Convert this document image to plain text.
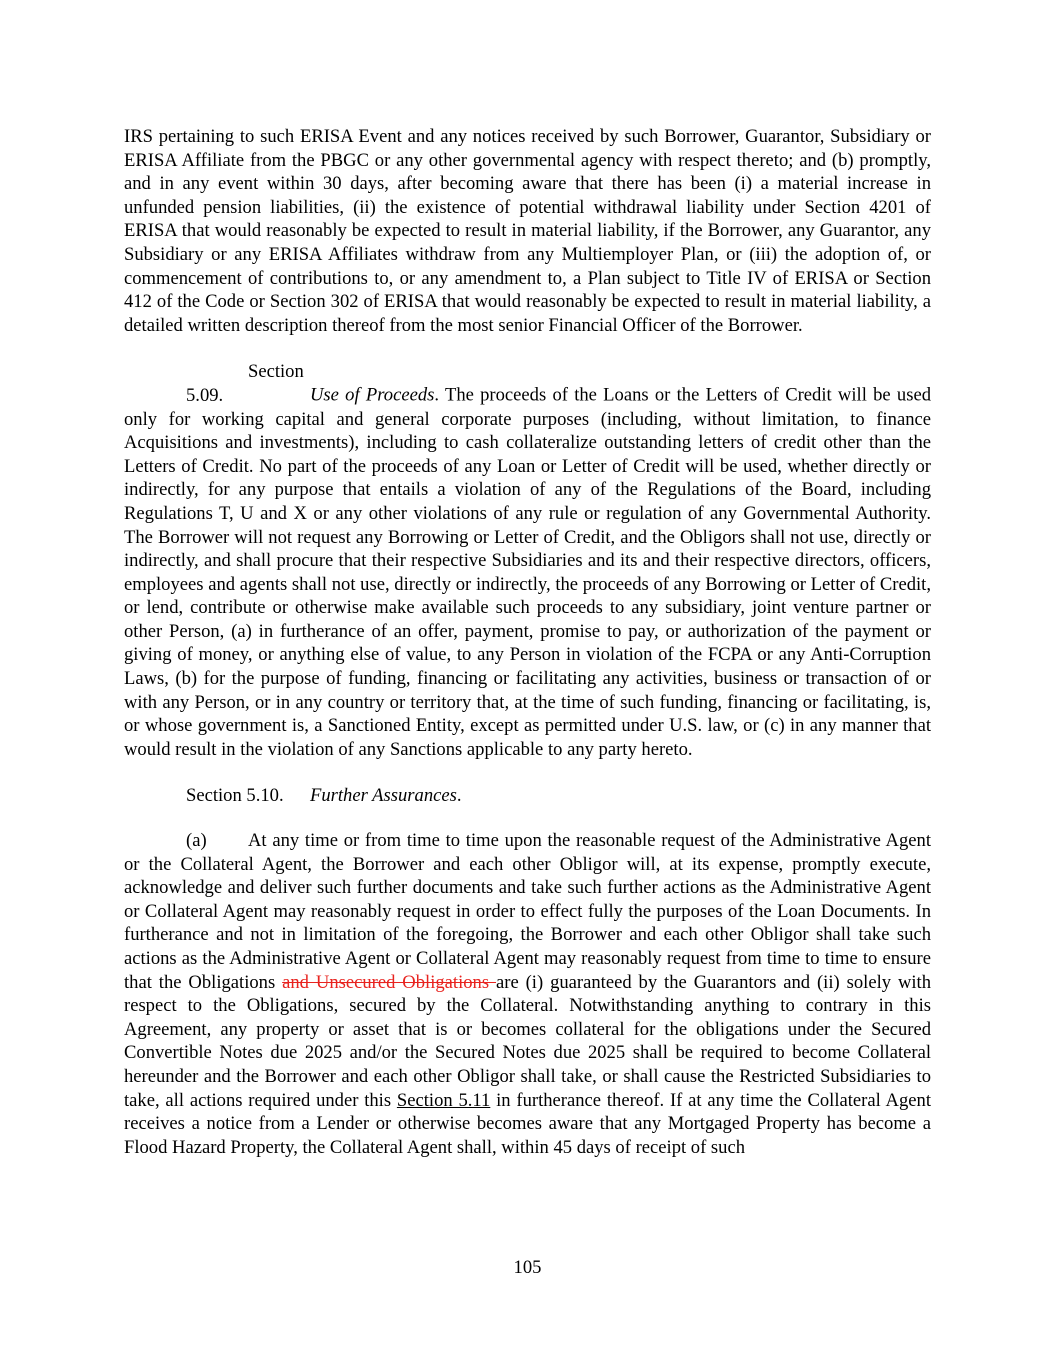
IRS pertaining to such ERISA Event and any notices received by such Borrower, Guarantor, Subsidiary or ERISA Affiliate from the PBGC or any other governmental agency with respect thereto; and (b) promptly, and in any event within 30 days, after becoming aware that there has been (i) a material increase in unfunded pension liabilities, (ii) the existence of potential withdrawal liability under Section 4201 of ERISA that would reasonably be expected to result in material liability, if the Borrower, any Guarantor, any Subsidiary or any ERISA Affiliates withdraw from any Multiemployer Plan, or (iii) the adoption of, or commencement of contributions to, or any amendment to, a Plan subject to Title IV of ERISA or Section 412 of the Code or Section 302 of ERISA that would reasonably be expected to result in material liability, a detailed written description thereof from the most senior Financial Officer of the Borrower.

Section 5.09.	Use of Proceeds. The proceeds of the Loans or the Letters of Credit will be used only for working capital and general corporate purposes (including, without limitation, to finance Acquisitions and investments), including to cash collateralize outstanding letters of credit other than the Letters of Credit. No part of the proceeds of any Loan or Letter of Credit will be used, whether directly or indirectly, for any purpose that entails a violation of any of the Regulations of the Board, including Regulations T, U and X or any other violations of any rule or regulation of any Governmental Authority. The Borrower will not request any Borrowing or Letter of Credit, and the Obligors shall not use, directly or indirectly, and shall procure that their respective Subsidiaries and its and their respective directors, officers, employees and agents shall not use, directly or indirectly, the proceeds of any Borrowing or Letter of Credit, or lend, contribute or otherwise make available such proceeds to any subsidiary, joint venture partner or other Person, (a) in furtherance of an offer, payment, promise to pay, or authorization of the payment or giving of money, or anything else of value, to any Person in violation of the FCPA or any Anti-Corruption Laws, (b) for the purpose of funding, financing or facilitating any activities, business or transaction of or with any Person, or in any country or territory that, at the time of such funding, financing or facilitating, is, or whose government is, a Sanctioned Entity, except as permitted under U.S. law, or (c) in any manner that would result in the violation of any Sanctions applicable to any party hereto.

Section 5.10. Further Assurances.

(a) At any time or from time to time upon the reasonable request of the Administrative Agent or the Collateral Agent, the Borrower and each other Obligor will, at its expense, promptly execute, acknowledge and deliver such further documents and take such further actions as the Administrative Agent or Collateral Agent may reasonably request in order to effect fully the purposes of the Loan Documents. In furtherance and not in limitation of the foregoing, the Borrower and each other Obligor shall take such actions as the Administrative Agent or Collateral Agent may reasonably request from time to time to ensure that the Obligations and Unsecured Obligations are (i) guaranteed by the Guarantors and (ii) solely with respect to the Obligations, secured by the Collateral. Notwithstanding anything to contrary in this Agreement, any property or asset that is or becomes collateral for the obligations under the Secured Convertible Notes due 2025 and/or the Secured Notes due 2025 shall be required to become Collateral hereunder and the Borrower and each other Obligor shall take, or shall cause the Restricted Subsidiaries to take, all actions required under this Section 5.11 in furtherance thereof. If at any time the Collateral Agent receives a notice from a Lender or otherwise becomes aware that any Mortgaged Property has become a Flood Hazard Property, the Collateral Agent shall, within 45 days of receipt of such

105
